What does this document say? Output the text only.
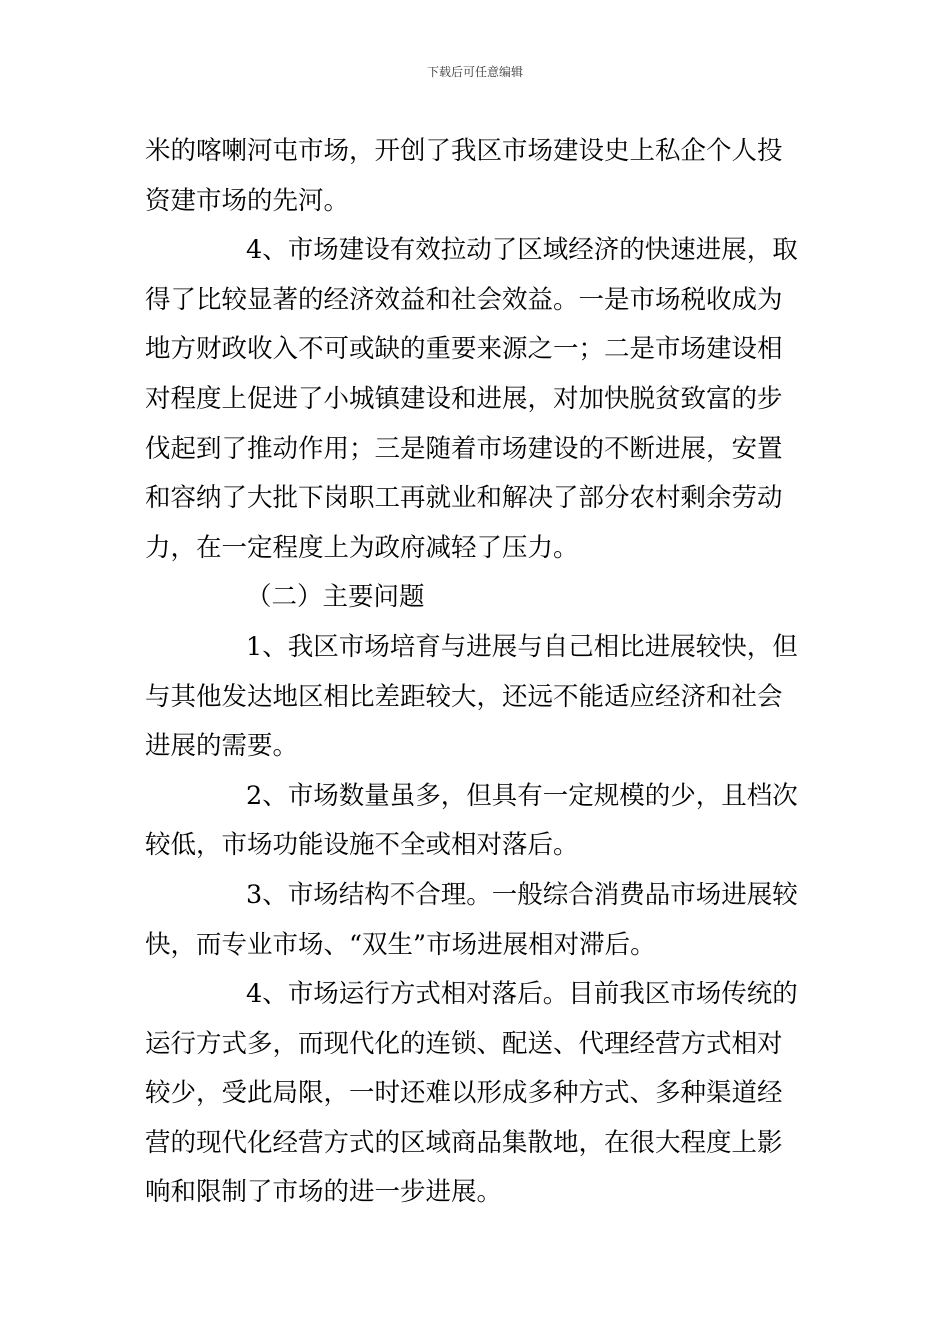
下载后可任意编辑
米的喀喇河屯市场，开创了我区市场建设史上私企个人投
资建市场的先河。
4、市场建设有效拉动了区域经济的快速进展，取
得了比较显著的经济效益和社会效益。一是市场税收成为
地方财政收入不可或缺的重要来源之一；二是市场建设相
对程度上促进了小城镇建设和进展，对加快脱贫致富的步
伐起到了推动作用；三是随着市场建设的不断进展，安置
和容纳了大批下岗职工再就业和解决了部分农村剩余劳动
力，在一定程度上为政府减轻了压力。
（二）主要问题
1、我区市场培育与进展与自己相比进展较快，但
与其他发达地区相比差距较大，还远不能适应经济和社会
进展的需要。
2、市场数量虽多，但具有一定规模的少，且档次
较低，市场功能设施不全或相对落后。
3、市场结构不合理。一般综合消费品市场进展较
快，而专业市场、“双生”市场进展相对滞后。
4、市场运行方式相对落后。目前我区市场传统的
运行方式多，而现代化的连锁、配送、代理经营方式相对
较少，受此局限，一时还难以形成多种方式、多种渠道经
营的现代化经营方式的区域商品集散地，在很大程度上影
响和限制了市场的进一步进展。
